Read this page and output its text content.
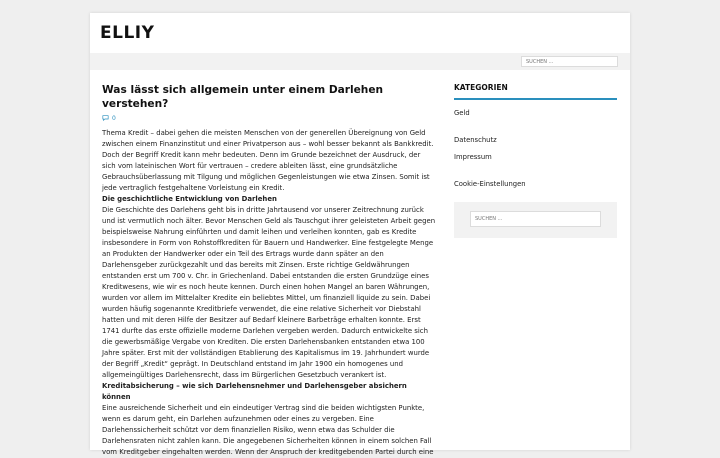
ELLIY
SUCHEN ...
Was lässt sich allgemein unter einem Darlehen verstehen?
0

Thema Kredit – dabei gehen die meisten Menschen von der generellen Übereignung von Geld zwischen einem Finanzinstitut und einer Privatperson aus – wohl besser bekannt als Bankkredit. Doch der Begriff Kredit kann mehr bedeuten. Denn im Grunde bezeichnet der Ausdruck, der sich vom lateinischen Wort für vertrauen – credere ableiten lässt, eine grundsätzliche Gebrauchsüberlassung mit Tilgung und möglichen Gegenleistungen wie etwa Zinsen. Somit ist jede vertraglich festgehaltene Vorleistung ein Kredit.

Die geschichtliche Entwicklung von Darlehen

Die Geschichte des Darlehens geht bis in dritte Jahrtausend vor unserer Zeitrechnung zurück und ist vermutlich noch älter. Bevor Menschen Geld als Tauschgut ihrer geleisteten Arbeit gegen beispielsweise Nahrung einführten und damit leihen und verleihen konnten, gab es Kredite insbesondere in Form von Rohstoffkrediten für Bauern und Handwerker. Eine festgelegte Menge an Produkten der Handwerker oder ein Teil des Ertrags wurde dann später an den Darlehensgeber zurückgezahlt und das bereits mit Zinsen. Erste richtige Geldwährungen entstanden erst um 700 v. Chr. in Griechenland. Dabei entstanden die ersten Grundzüge eines Kreditwesens, wie wir es noch heute kennen. Durch einen hohen Mangel an baren Währungen, wurden vor allem im Mittelalter Kredite ein beliebtes Mittel, um finanziell liquide zu sein. Dabei wurden häufig sogenannte Kreditbriefe verwendet, die eine relative Sicherheit vor Diebstahl hatten und mit deren Hilfe der Besitzer auf Bedarf kleinere Barbeträge erhalten konnte. Erst 1741 durfte das erste offizielle moderne Darlehen vergeben werden. Dadurch entwickelte sich die gewerbsmäßige Vergabe von Krediten. Die ersten Darlehensbanken entstanden etwa 100 Jahre später. Erst mit der vollständigen Etablierung des Kapitalismus im 19. Jahrhundert wurde der Begriff „Kredit“ geprägt. In Deutschland entstand im Jahr 1900 ein homogenes und allgemeingültiges Darlehensrecht, dass im Bürgerlichen Gesetzbuch verankert ist.

Kreditabsicherung – wie sich Darlehensnehmer und Darlehensgeber absichern können

Eine ausreichende Sicherheit und ein eindeutiger Vertrag sind die beiden wichtigsten Punkte, wenn es darum geht, ein Darlehen aufzunehmen oder eines zu vergeben. Eine Darlehenssicherheit schützt vor dem finanziellen Risiko, wenn etwa das Schulder die Darlehensraten nicht zahlen kann. Die angegebenen Sicherheiten können in einem solchen Fall vom Kreditgeber eingehalten werden. Wenn der Anspruch der kreditgebenden Partei durch eine

KATEGORIEN
Geld
Datenschutz
Impressum
Cookie-Einstellungen
SUCHEN ...
